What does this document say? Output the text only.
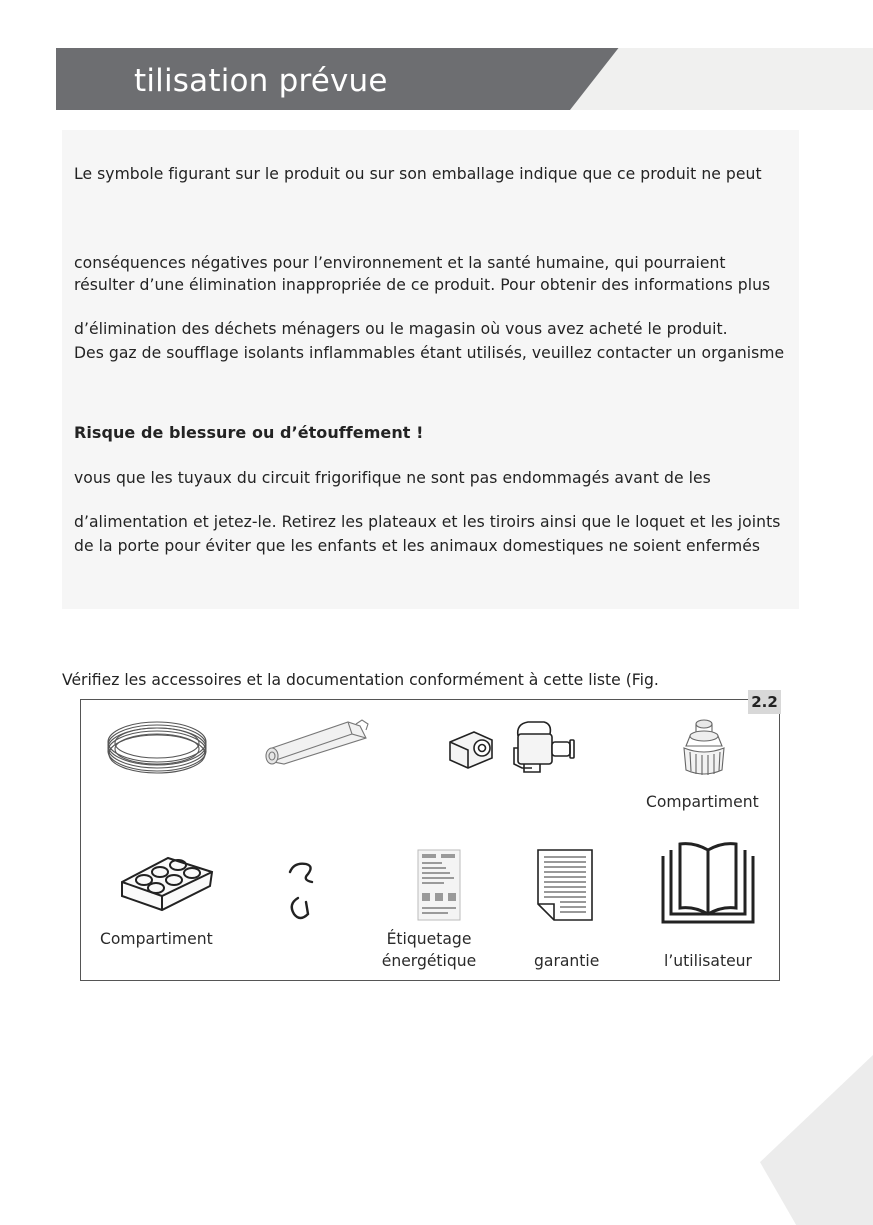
tilisation prévue
Le symbole figurant sur le produit ou sur son emballage indique que ce produit ne peut
conséquences négatives pour l’environnement et la santé humaine, qui pourraient
résulter d’une élimination inappropriée de ce produit. Pour obtenir des informations plus
d’élimination des déchets ménagers ou le magasin où vous avez acheté le produit.
Des gaz de soufflage isolants inflammables étant utilisés, veuillez contacter un organisme
Risque de blessure ou d’étouffement !
vous que les tuyaux du circuit frigorifique ne sont pas endommagés avant de les
d’alimentation et jetez-le. Retirez les plateaux et les tiroirs ainsi que le loquet et les joints
de la porte pour éviter que les enfants et les animaux domestiques ne soient enfermés
Vérifiez les accessoires et la documentation conformément à cette liste (Fig.
2.2
Compartiment
Compartiment	Étiquetage
énergétique	garantie	l’utilisateur
